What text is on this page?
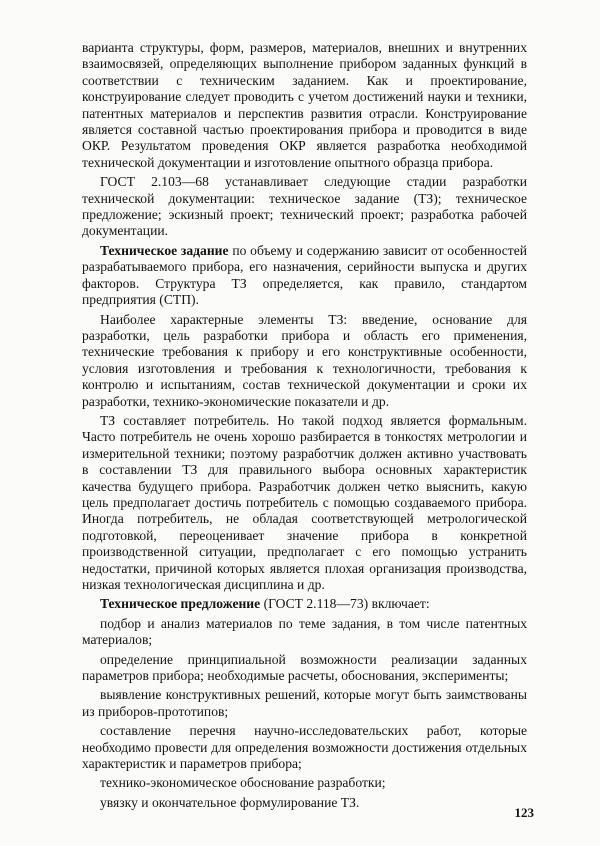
варианта структуры, форм, размеров, материалов, внешних и внутренних взаимосвязей, определяющих выполнение прибором заданных функций в соответствии с техническим заданием. Как и проектирование, конструирование следует проводить с учетом достижений науки и техники, патентных материалов и перспектив развития отрасли. Конструирование является составной частью проектирования прибора и проводится в виде ОКР. Результатом проведения ОКР является разработка необходимой технической документации и изготовление опытного образца прибора.

ГОСТ 2.103—68 устанавливает следующие стадии разработки технической документации: техническое задание (ТЗ); техническое предложение; эскизный проект; технический проект; разработка рабочей документации.

Техническое задание по объему и содержанию зависит от особенностей разрабатываемого прибора, его назначения, серийности выпуска и других факторов. Структура ТЗ определяется, как правило, стандартом предприятия (СТП).

Наиболее характерные элементы ТЗ: введение, основание для разработки, цель разработки прибора и область его применения, технические требования к прибору и его конструктивные особенности, условия изготовления и требования к технологичности, требования к контролю и испытаниям, состав технической документации и сроки их разработки, технико-экономические показатели и др.

ТЗ составляет потребитель. Но такой подход является формальным. Часто потребитель не очень хорошо разбирается в тонкостях метрологии и измерительной техники; поэтому разработчик должен активно участвовать в составлении ТЗ для правильного выбора основных характеристик качества будущего прибора. Разработчик должен четко выяснить, какую цель предполагает достичь потребитель с помощью создаваемого прибора. Иногда потребитель, не обладая соответствующей метрологической подготовкой, переоценивает значение прибора в конкретной производственной ситуации, предполагает с его помощью устранить недостатки, причиной которых является плохая организация производства, низкая технологическая дисциплина и др.

Техническое предложение (ГОСТ 2.118—73) включает:

подбор и анализ материалов по теме задания, в том числе патентных материалов;

определение принципиальной возможности реализации заданных параметров прибора; необходимые расчеты, обоснования, эксперименты;

выявление конструктивных решений, которые могут быть заимствованы из приборов-прототипов;

составление перечня научно-исследовательских работ, которые необходимо провести для определения возможности достижения отдельных характеристик и параметров прибора;

технико-экономическое обоснование разработки;

увязку и окончательное формулирование ТЗ.

123
